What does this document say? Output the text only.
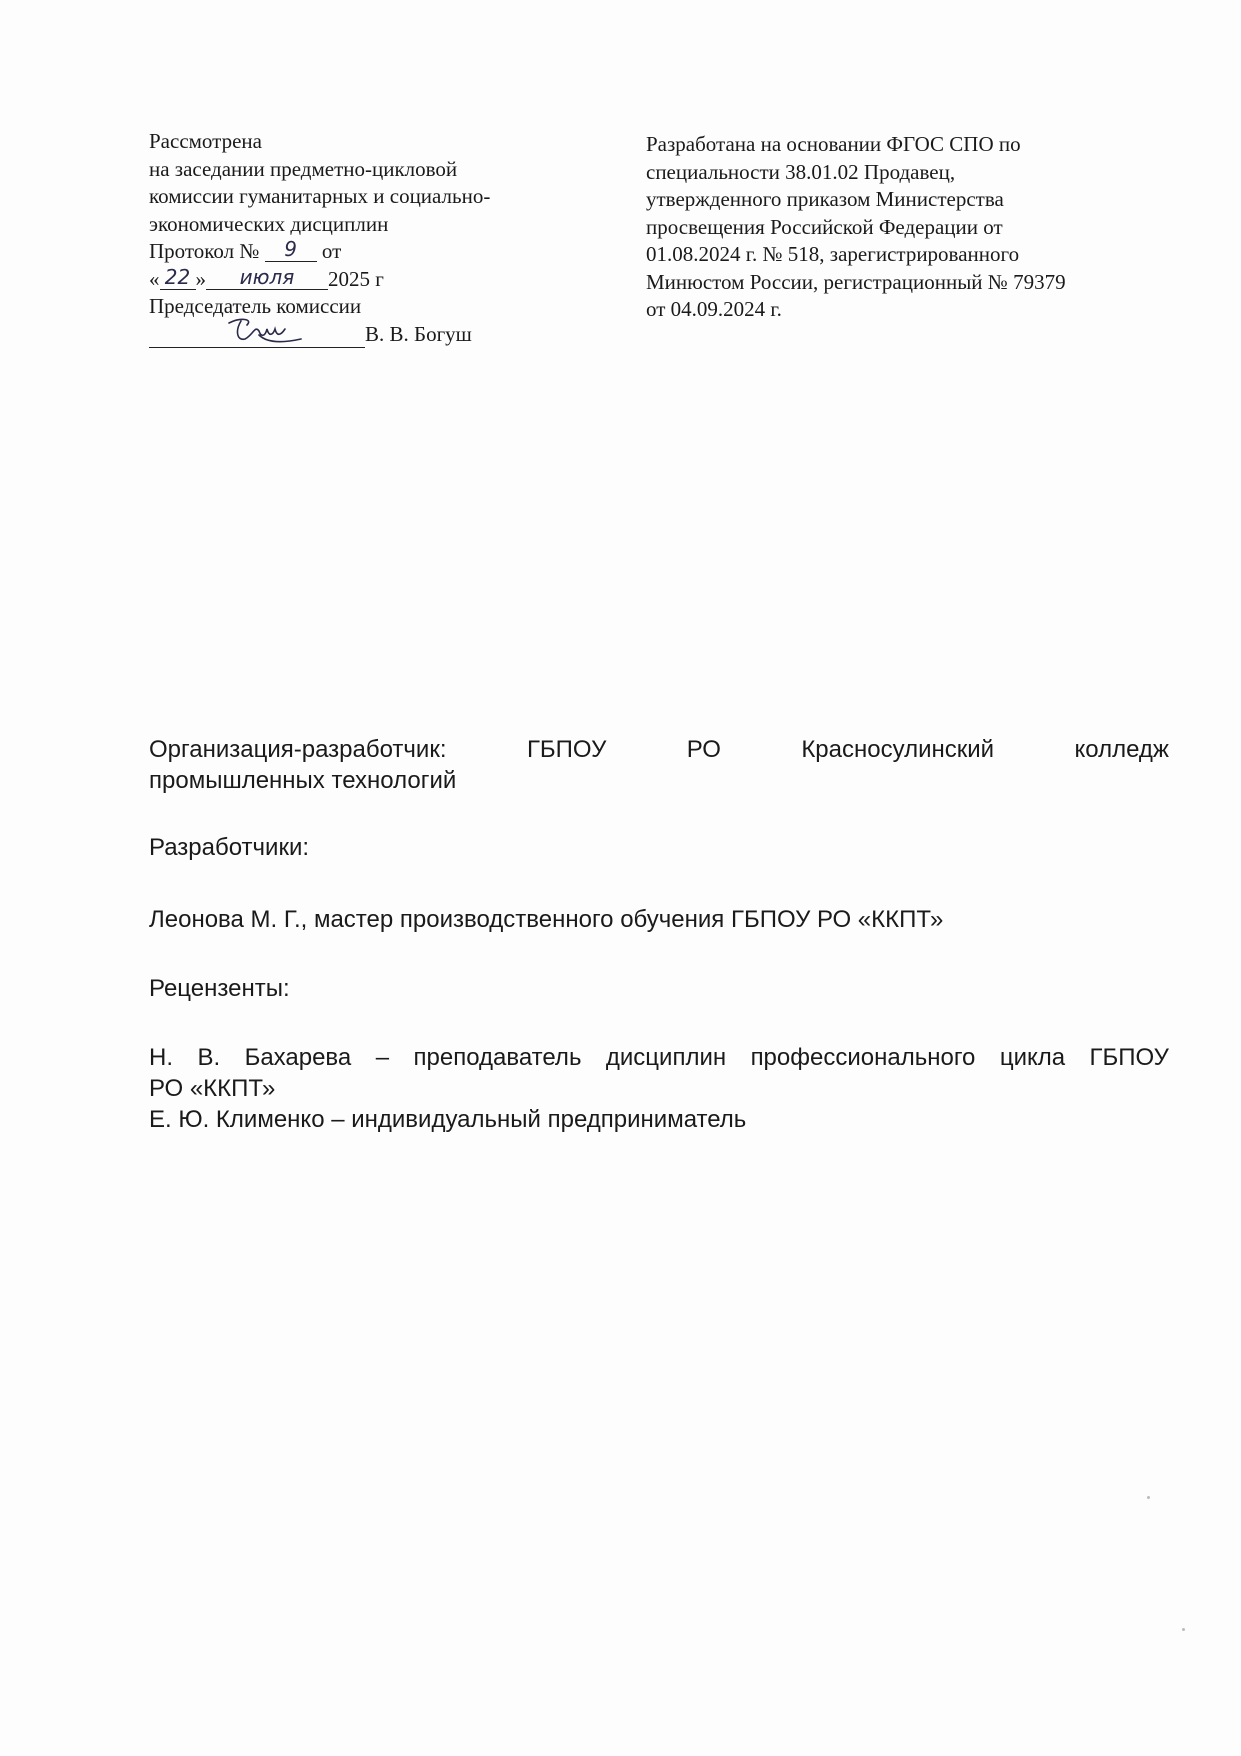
Рассмотрена
на заседании предметно-цикловой
комиссии гуманитарных и социально-
экономических дисциплин
Протокол № 9 от
« 22 » июля 2025 г
Председатель комиссии
В. В. Богуш
Разработана на основании ФГОС СПО по
специальности 38.01.02 Продавец,
утвержденного приказом Министерства
просвещения Российской Федерации от
01.08.2024 г. № 518, зарегистрированного
Минюстом России, регистрационный № 79379
от 04.09.2024 г.
Организация-разработчик:	ГБПОУ	РО	Красносулинский	колледж

промышленных технологий

Разработчики:

Леонова М. Г., мастер производственного обучения ГБПОУ РО «ККПТ»

Рецензенты:

Н. В. Бахарева – преподаватель дисциплин профессионального цикла ГБПОУ

РО «ККПТ»

Е. Ю. Клименко – индивидуальный предприниматель
